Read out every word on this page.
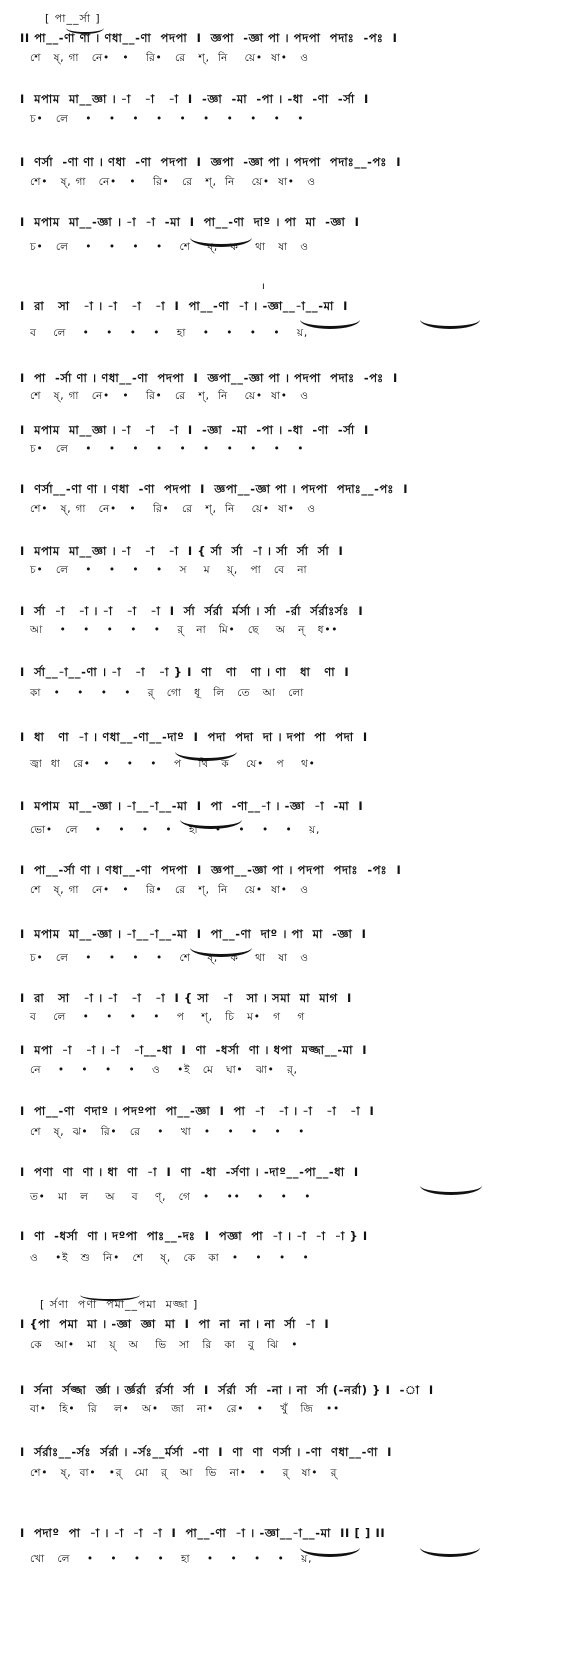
[ পা__র্সা ]
II পা__-ণা ণা । ণধা__-ণা  পদপা  I  জ্ঞপা  -জ্ঞা পা । পদপা  পদাঃ  -পঃ  I
শে   ষ্, গা   নে•   •    রি•   রে   শ্,  নি    য়ে•  ষা•   ও
I  মপাম  মা__জ্ঞা । -া   -া   -া  I  -জ্ঞা  -মা  -পা । -ধা  -ণা  -র্সা  I
চ•   লে    •    •    •    •    •    •    •    •    •    •
I  ণর্সা  -ণা ণা । ণধা  -ণা  পদপা  I  জ্ঞপা  -জ্ঞা পা । পদপা  পদাঃ__-পঃ  I
শে•   ষ্, গা   নে•   •    রি•   রে   শ্,  নি    য়ে•  ষা•   ও
I  মপাম  মা__-জ্ঞা । -া  -া  -মা  I  পা__-ণা  দাº । পা  মা  -জ্ঞা  I
চ•   লে    •    •    •    •    শে    ষ্,   ক    থা   ষা   ও
ı
I  রা   সা   -া । -া   -া   -া  I  পা__-ণা  -া । -জ্ঞা__-া__-মা  I
ব    লে    •    •    •    •    হা    •    •    •    •    য়,
I  পা  -র্সা ণা । ণধা__-ণা  পদপা  I  জ্ঞপা__-জ্ঞা পা । পদপা  পদাঃ  -পঃ  I
শে   ষ্, গা   নে•   •    রি•   রে   শ্,  নি    য়ে•  ষা•   ও
I  মপাম  মা__জ্ঞা । -া   -া   -া  I  -জ্ঞা  -মা  -পা । -ধা  -ণা  -র্সা  I
চ•   লে    •    •    •    •    •    •    •    •    •    •
I  ণর্সা__-ণা ণা । ণধা  -ণা  পদপা  I  জ্ঞপা__-জ্ঞা পা । পদপা  পদাঃ__-পঃ  I
শে•   ষ্, গা   নে•   •    রি•   রে   শ্,  নি    য়ে•  ষা•   ও
I  মপাম  মা__জ্ঞা । -া   -া   -া  I { র্সা  র্সা  -া । র্সা  র্সা  র্সা  I
চ•   লে    •    •    •    •    স    ম    য়্,   পা   বে   না
I  র্সা  -া   -া । -া   -া   -া  I  র্সা  র্সর্রা  র্মর্সা । র্সা  -র্রা  র্সর্রাঃর্সঃ  I
আ    •    •    •    •    •    র্   না   মি•   ছে    অ   ন্   ধ••
I  র্সা__-া__-ণা । -া   -া   -া } I  ণা   ণা   ণা । ণা   ধা   ণা  I
কা   •    •    •    •    র্   গো   ধূ   লি   তে   আ   লো
I  ধা   ণা  -া । ণধা__-ণা__-দাº  I  পদা  পদা  দা । দপা  পা  পদা  I
জ্বা  ধা   রে•   •    •    •    প    থি   ক    যে•   প    থ•
I  মপাম  মা__-জ্ঞা । -া__-া__-মা  I  পা  -ণা__-া । -জ্ঞা  -া  -মা  I
ভো•   লে    •    •    •    •    হা    •    •    •    •    য়,
I  পা__-র্সা ণা । ণধা__-ণা  পদপা  I  জ্ঞপা__-জ্ঞা পা । পদপা  পদাঃ  -পঃ  I
শে   ষ্, গা   নে•   •    রি•   রে   শ্,  নি    য়ে•  ষা•   ও
I  মপাম  মা__-জ্ঞা । -া__-া__-মা  I  পা__-ণা  দাº । পা  মা  -জ্ঞা  I
চ•   লে    •    •    •    •    শে    ষ্,   ক    থা   ষা   ও
I  রা   সা   -া । -া   -া   -া  I { সা   -া   সা । সমা  মা  মাগ  I
ব    লে    •    •    •    •    প    শ্,   চি   ম•   গ    গ
I  মপা  -া   -া । -া   -া__-ধা  I  ণা  -ধর্সা  ণা । ধপা  মজ্জা__-মা  I
নে    •    •    •    •    ও    •ই   মে   ঘা•   ঝা•   র্,
I  পা__-ণা  ণদাº । পদºপা  পা__-জ্ঞা  I  পা  -া   -া । -া   -া   -া  I
শে   ষ্,  ঝ•   রি•   রে    •    খা   •    •    •    •    •
I  পণা  ণা  ণা । ধা  ণা  -া  I  ণা  -ধা  -র্সণা । -দাº__-পা__-ধা  I
ত•   মা   ল    অ    ব    ণ্,   গে   •    ••    •    •    •
I  ণা  -ধর্সা  ণা । দºপা  পাঃ__-দঃ  I  পজ্ঞা  পা  -া । -া  -া  -া } I
ও    •ই   শু   নি•   শে    ষ্,   কে   কা   •    •    •    •
[ র্সণা  পণা  পমা__পমা  মজ্জা ]
I {পা  পমা  মা । -জ্ঞা  জ্ঞা  মা  I  পা  না  না । না  র্সা  -া  I
কে   আ•   মা   য়্   অ    ভি   সা   রি   কা   বু   ঝি   •
I  র্সনা  র্সজ্জা  র্জ্ঞা । র্জ্ঞর্রা  র্রর্সা  র্সা  I  র্সর্রা  র্সা  -না । না  র্সা (-নর্রা) } I  -া  I
বা•   হি•   রি    ল•   অ•   জা   না•   রে•   •    খুঁ   জি   ••
I  র্সর্রাঃ__-র্সঃ  র্সর্রা । -র্সঃ__র্মর্সা  -ণা  I  ণা  ণা  ণর্সা । -ণা  ণধা__-ণা  I
শে•   ষ্,  বা•   •র্   মো   র্   আ   ভি   না•   •    র্   ষা•   র্
I  পদাº  পা  -া । -া  -া  -া  I  পা__-ণা  -া । -জ্ঞা__-া__-মা  II [ ] II
খো   লে    •    •    •    •    হা    •    •    •    •    য়,
